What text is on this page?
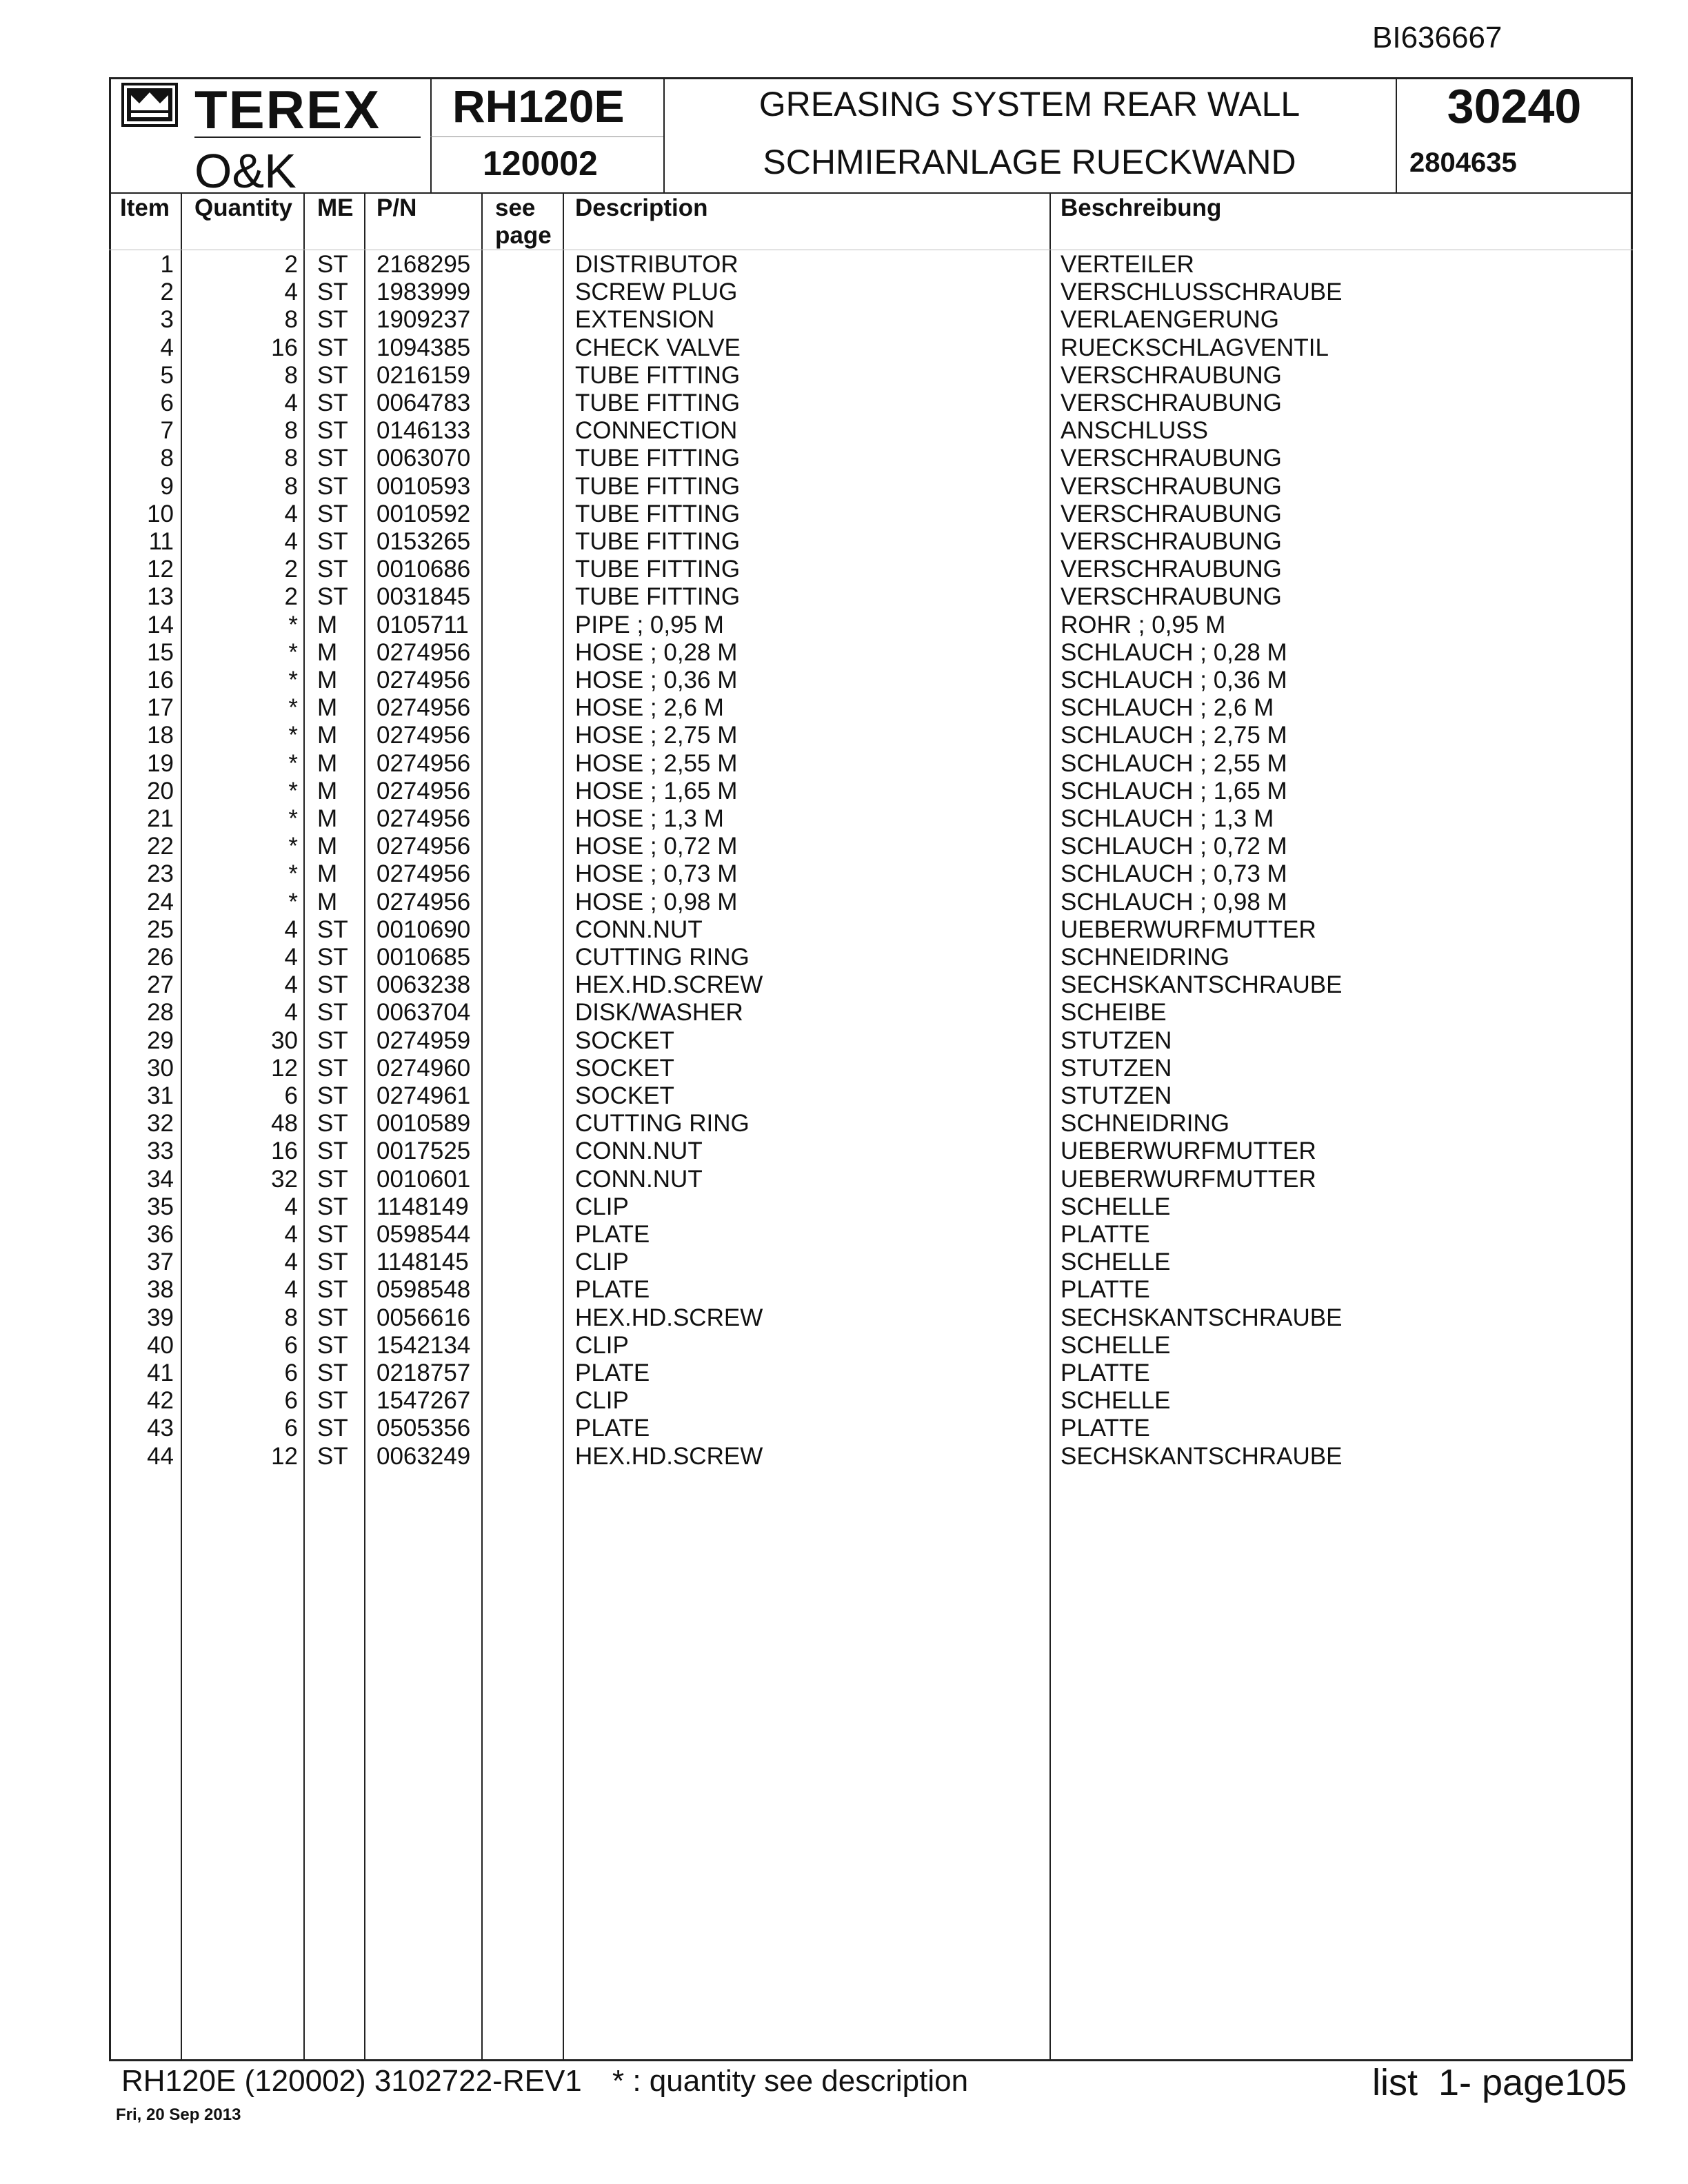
BI636667
TEREX
O&K
RH120E
120002
GREASING SYSTEM REAR WALL
SCHMIERANLAGE RUECKWAND
30240
2804635
Item Quantity ME P/N	see
page
Description	Beschreibung
1	2 ST 2168295	DISTRIBUTOR	VERTEILER
2	4 ST 1983999	SCREW PLUG	VERSCHLUSSCHRAUBE
3	8 ST 1909237	EXTENSION	VERLAENGERUNG
4	16 ST 1094385	CHECK VALVE	RUECKSCHLAGVENTIL
5	8 ST 0216159	TUBE FITTING	VERSCHRAUBUNG
6	4 ST 0064783	TUBE FITTING	VERSCHRAUBUNG
7	8 ST 0146133	CONNECTION	ANSCHLUSS
8	8 ST 0063070	TUBE FITTING	VERSCHRAUBUNG
9	8 ST 0010593	TUBE FITTING	VERSCHRAUBUNG
10	4 ST 0010592	TUBE FITTING	VERSCHRAUBUNG
11	4 ST 0153265	TUBE FITTING	VERSCHRAUBUNG
12	2 ST 0010686	TUBE FITTING	VERSCHRAUBUNG
13	2 ST 0031845	TUBE FITTING	VERSCHRAUBUNG
14	* M 0105711	PIPE ; 0,95 M	ROHR ; 0,95 M
15	* M 0274956	HOSE ; 0,28 M	SCHLAUCH ; 0,28 M
16	* M 0274956	HOSE ; 0,36 M	SCHLAUCH ; 0,36 M
17	* M 0274956	HOSE ; 2,6 M	SCHLAUCH ; 2,6 M
18	* M 0274956	HOSE ; 2,75 M	SCHLAUCH ; 2,75 M
19	* M 0274956	HOSE ; 2,55 M	SCHLAUCH ; 2,55 M
20	* M 0274956	HOSE ; 1,65 M	SCHLAUCH ; 1,65 M
21	* M 0274956	HOSE ; 1,3 M	SCHLAUCH ; 1,3 M
22	* M 0274956	HOSE ; 0,72 M	SCHLAUCH ; 0,72 M
23	* M 0274956	HOSE ; 0,73 M	SCHLAUCH ; 0,73 M
24	* M 0274956	HOSE ; 0,98 M	SCHLAUCH ; 0,98 M
25	4 ST 0010690	CONN.NUT	UEBERWURFMUTTER
26	4 ST 0010685	CUTTING RING	SCHNEIDRING
27	4 ST 0063238	HEX.HD.SCREW	SECHSKANTSCHRAUBE
28	4 ST 0063704	DISK/WASHER	SCHEIBE
29	30 ST 0274959	SOCKET	STUTZEN
30	12 ST 0274960	SOCKET	STUTZEN
31	6 ST 0274961	SOCKET	STUTZEN
32	48 ST 0010589	CUTTING RING	SCHNEIDRING
33	16 ST 0017525	CONN.NUT	UEBERWURFMUTTER
34	32 ST 0010601	CONN.NUT	UEBERWURFMUTTER
35	4 ST 1148149	CLIP	SCHELLE
36	4 ST 0598544	PLATE	PLATTE
37	4 ST 1148145	CLIP	SCHELLE
38	4 ST 0598548	PLATE	PLATTE
39	8 ST 0056616	HEX.HD.SCREW	SECHSKANTSCHRAUBE
40	6 ST 1542134	CLIP	SCHELLE
41	6 ST 0218757	PLATE	PLATTE
42	6 ST 1547267	CLIP	SCHELLE
43	6 ST 0505356	PLATE	PLATTE
44	12 ST 0063249	HEX.HD.SCREW	SECHSKANTSCHRAUBE
RH120E (120002) 3102722-REV1 * : quantity see description	list  1- page105
Fri, 20 Sep 2013
